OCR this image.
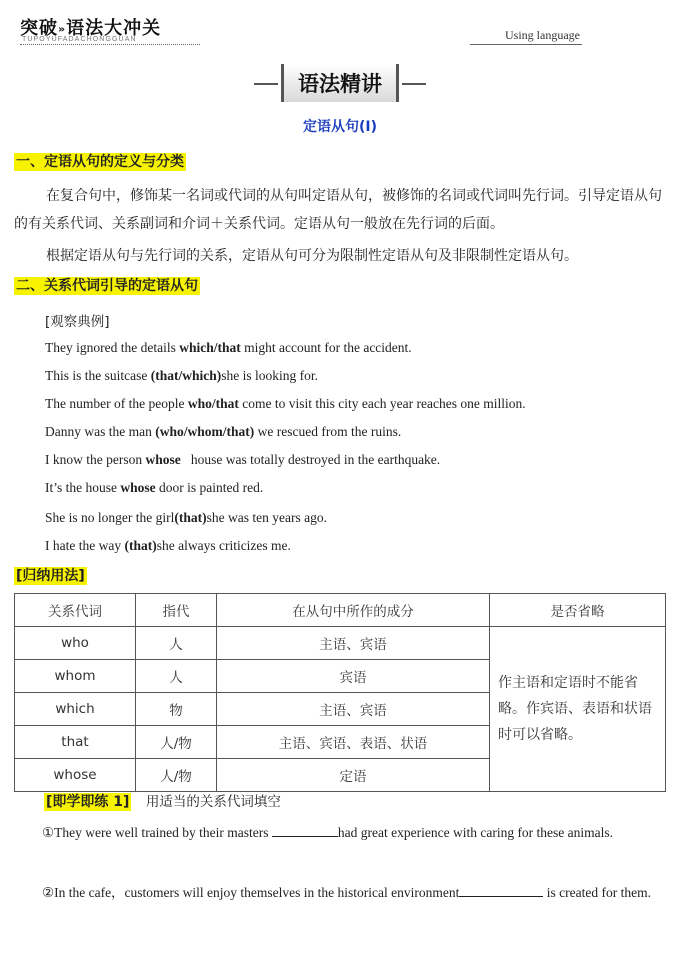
突破»语法大冲关
TUPOYUFADACHONGGUAN	Using language
语法精讲
定语从句(Ⅰ)
一、定语从句的定义与分类
在复合句中，修饰某一名词或代词的从句叫定语从句，被修饰的名词或代词叫先行词。引导定语从句的有关系代词、关系副词和介词＋关系代词。定语从句一般放在先行词的后面。
根据定语从句与先行词的关系，定语从句可分为限制性定语从句及非限制性定语从句。
二、关系代词引导的定语从句
[观察典例]
They ignored the details which/that might account for the accident.
This is the suitcase (that/which)she is looking for.
The number of the people who/that come to visit this city each year reaches one million.
Danny was the man (who/whom/that) we rescued from the ruins.
I know the person whose   house was totally destroyed in the earthquake.
It’s the house whose door is painted red.
She is no longer the girl(that)she was ten years ago.
I hate the way (that)she always criticizes me.
[归纳用法]
关系代词	指代	在从句中所作的成分	是否省略
who	人	主语、宾语	作主语和定语时不能省略。作宾语、表语和状语时可以省略。
whom	人	宾语	
which	物	主语、宾语	
that	人/物	主语、宾语、表语、状语	
whose	人/物	定语	
[即学即练 1] 用适当的关系代词填空
①They were well trained by their masters	had great experience with caring for these animals.
②In the cafe，customers will enjoy themselves in the historical environment	is created for them.
